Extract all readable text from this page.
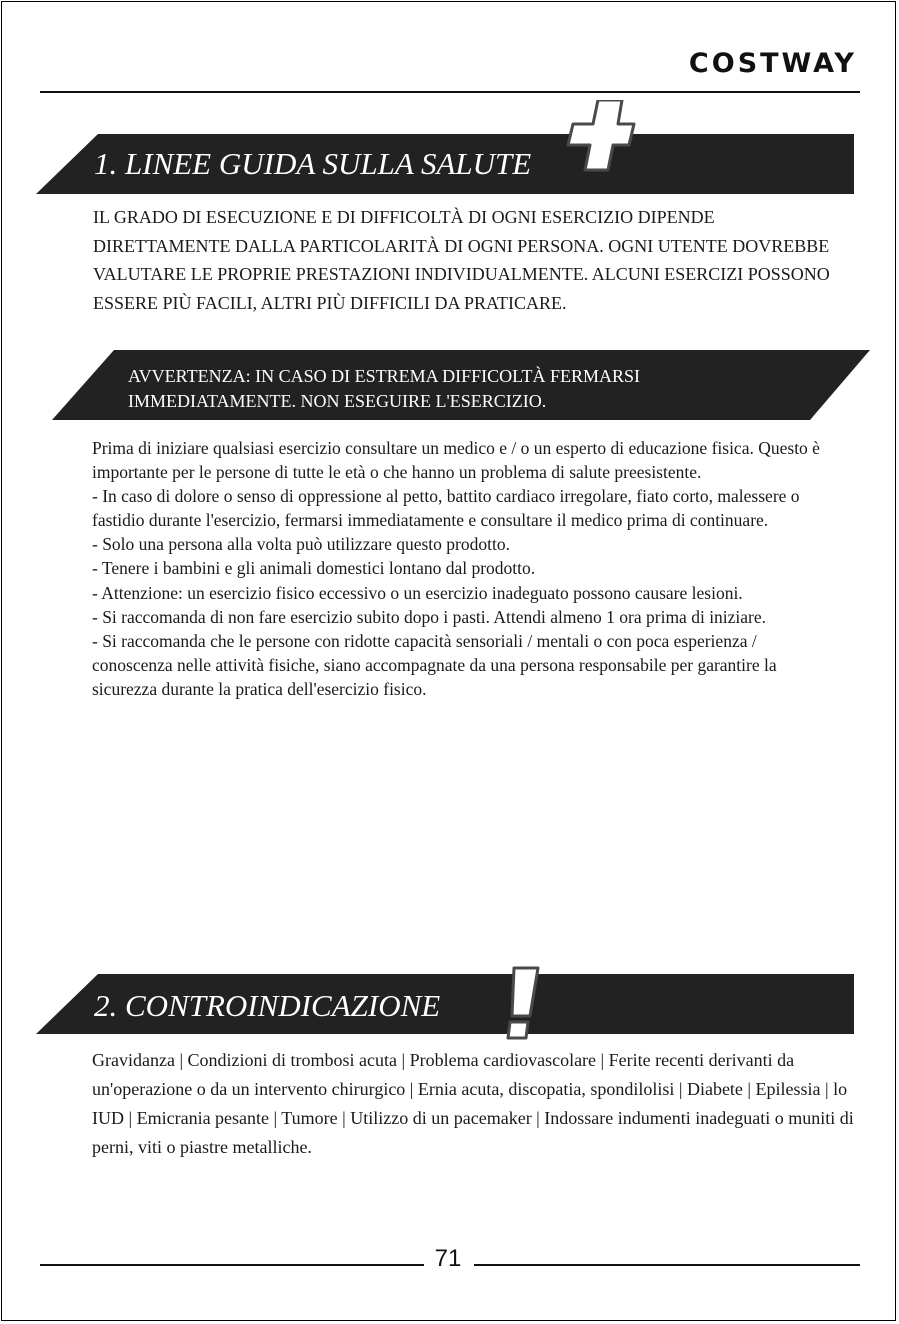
COSTWAY
1. LINEE GUIDA SULLA SALUTE

IL GRADO DI ESECUZIONE E DI DIFFICOLTÀ DI OGNI ESERCIZIO DIPENDE DIRETTAMENTE DALLA PARTICOLARITÀ DI OGNI PERSONA. OGNI UTENTE DOVREBBE VALUTARE LE PROPRIE PRESTAZIONI INDIVIDUALMENTE. ALCUNI ESERCIZI POSSONO ESSERE PIÙ FACILI, ALTRI PIÙ DIFFICILI DA PRATICARE.

AVVERTENZA: IN CASO DI ESTREMA DIFFICOLTÀ FERMARSI
IMMEDIATAMENTE. NON ESEGUIRE L'ESERCIZIO.

Prima di iniziare qualsiasi esercizio consultare un medico e / o un esperto di educazione fisica. Questo è importante per le persone di tutte le età o che hanno un problema di salute preesistente.

- In caso di dolore o senso di oppressione al petto, battito cardiaco irregolare, fiato corto, malessere o fastidio durante l'esercizio, fermarsi immediatamente e consultare il medico prima di continuare.

- Solo una persona alla volta può utilizzare questo prodotto.

- Tenere i bambini e gli animali domestici lontano dal prodotto.

- Attenzione: un esercizio fisico eccessivo o un esercizio inadeguato possono causare lesioni.

- Si raccomanda di non fare esercizio subito dopo i pasti. Attendi almeno 1 ora prima di iniziare.

- Si raccomanda che le persone con ridotte capacità sensoriali / mentali o con poca esperienza / conoscenza nelle attività fisiche, siano accompagnate da una persona responsabile per garantire la sicurezza durante la pratica dell'esercizio fisico.

2. CONTROINDICAZIONE

Gravidanza | Condizioni di trombosi acuta | Problema cardiovascolare | Ferite recenti derivanti da un'operazione o da un intervento chirurgico | Ernia acuta, discopatia, spondilolisi | Diabete | Epilessia | lo IUD | Emicrania pesante | Tumore | Utilizzo di un pacemaker | Indossare indumenti inadeguati o muniti di perni, viti o piastre metalliche.

71
